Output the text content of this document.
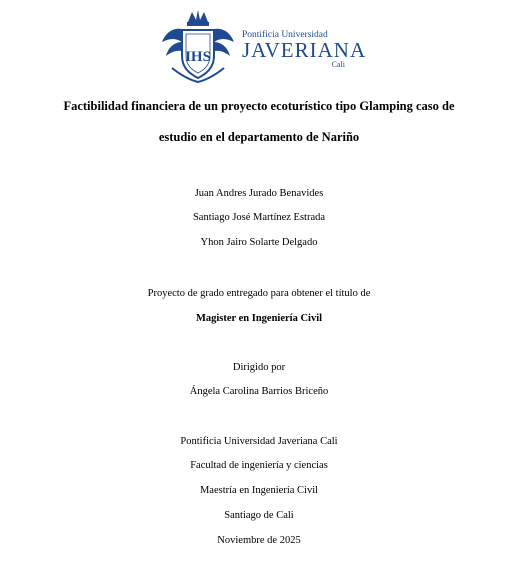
IHS
Pontificia Universidad
JAVERIANA
Cali
Factibilidad financiera de un proyecto ecoturístico tipo Glamping caso de
estudio en el departamento de Nariño
Juan Andres Jurado Benavides
Santiago José Martínez Estrada
Yhon Jairo Solarte Delgado
Proyecto de grado entregado para obtener el título de
Magister en Ingeniería Civil
Dirigido por
Ángela Carolina Barrios Briceño
Pontificia Universidad Javeriana Cali
Facultad de ingeniería y ciencias
Maestría en Ingeniería Civil
Santiago de Cali
Noviembre de 2025
